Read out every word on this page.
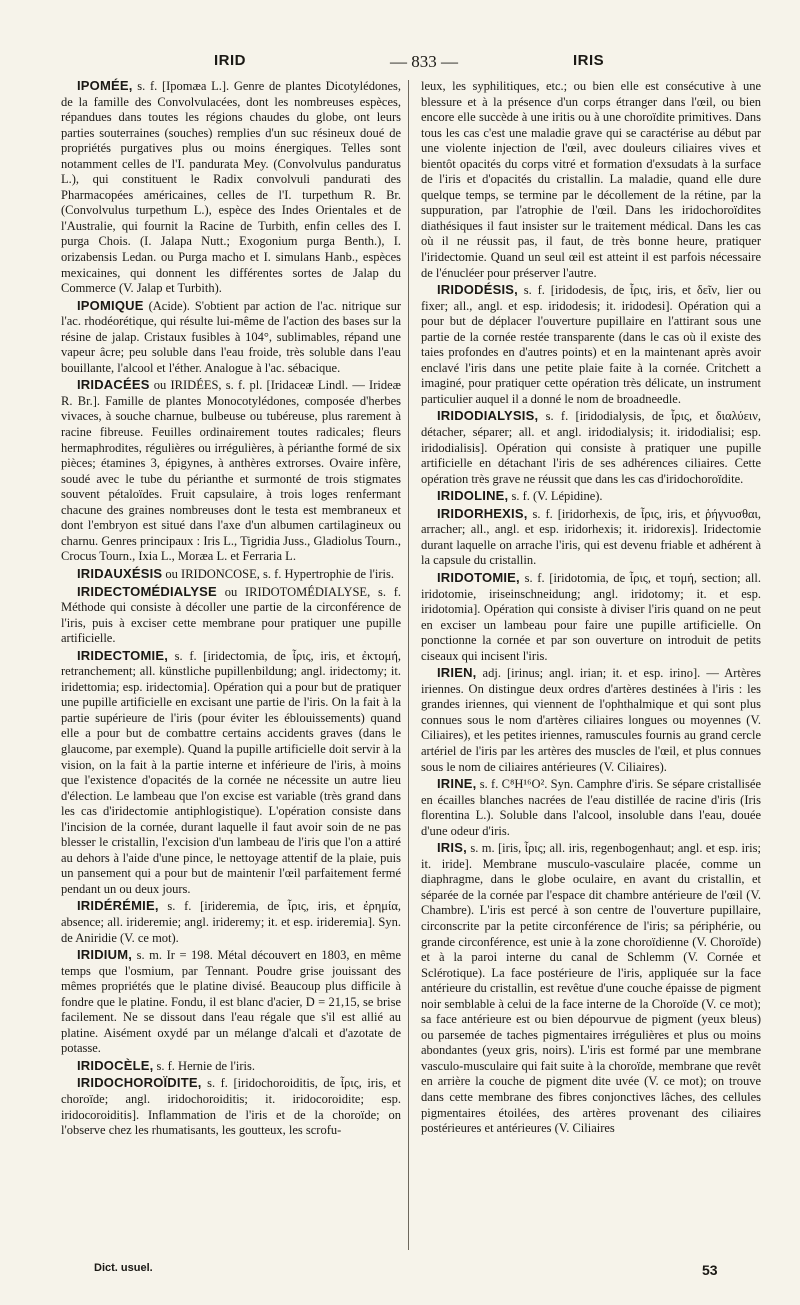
IRID	— 833 —	IRIS

IPOMÉE, s. f. [Ipomæa L.]. Genre de plantes Dicotylédones, de la famille des Convolvulacées, dont les nombreuses espèces, répandues dans toutes les régions chaudes du globe, ont leurs parties souterraines (souches) remplies d'un suc résineux doué de propriétés purgatives plus ou moins énergiques. Telles sont notamment celles de l'I. pandurata Mey. (Convolvulus panduratus L.), qui constituent le Radix convolvuli pandurati des Pharmacopées américaines, celles de l'I. turpethum R. Br. (Convolvulus turpethum L.), espèce des Indes Orientales et de l'Australie, qui fournit la Racine de Turbith, enfin celles des I. purga Chois. (I. Jalapa Nutt.; Exogonium purga Benth.), I. orizabensis Ledan. ou Purga macho et I. simulans Hanb., espèces mexicaines, qui donnent les différentes sortes de Jalap du Commerce (V. Jalap et Turbith).

IPOMIQUE (Acide). S'obtient par action de l'ac. nitrique sur l'ac. rhodéorétique, qui résulte lui-même de l'action des bases sur la résine de jalap. Cristaux fusibles à 104°, sublimables, répand une vapeur âcre; peu soluble dans l'eau froide, très soluble dans l'eau bouillante, l'alcool et l'éther. Analogue à l'ac. sébacique.

IRIDACÉES ou IRIDÉES, s. f. pl. [Iridaceæ Lindl. — Irideæ R. Br.]. Famille de plantes Monocotylédones, composée d'herbes vivaces, à souche charnue, bulbeuse ou tubéreuse, plus rarement à racine fibreuse. Feuilles ordinairement toutes radicales; fleurs hermaphrodites, régulières ou irrégulières, à périanthe formé de six pièces; étamines 3, épigynes, à anthères extrorses. Ovaire infère, soudé avec le tube du périanthe et surmonté de trois stigmates souvent pétaloïdes. Fruit capsulaire, à trois loges renfermant chacune des graines nombreuses dont le testa est membraneux et dont l'embryon est situé dans l'axe d'un albumen cartilagineux ou charnu. Genres principaux : Iris L., Tigridia Juss., Gladiolus Tourn., Crocus Tourn., Ixia L., Moræa L. et Ferraria L.

IRIDAUXÉSIS ou IRIDONCOSE, s. f. Hypertrophie de l'iris.

IRIDECTOMÉDIALYSE ou IRIDOTOMÉDIALYSE, s. f. Méthode qui consiste à décoller une partie de la circonférence de l'iris, puis à exciser cette membrane pour pratiquer une pupille artificielle.

IRIDECTOMIE, s. f. [iridectomia, de ἶρις, iris, et ἐκτομή, retranchement; all. künstliche pupillenbildung; angl. iridectomy; it. iridettomia; esp. iridectomia]. Opération qui a pour but de pratiquer une pupille artificielle en excisant une partie de l'iris. On la fait à la partie supérieure de l'iris (pour éviter les éblouissements) quand elle a pour but de combattre certains accidents graves (dans le glaucome, par exemple). Quand la pupille artificielle doit servir à la vision, on la fait à la partie interne et inférieure de l'iris, à moins que l'existence d'opacités de la cornée ne nécessite un autre lieu d'élection. Le lambeau que l'on excise est variable (très grand dans les cas d'iridectomie antiphlogistique). L'opération consiste dans l'incision de la cornée, durant laquelle il faut avoir soin de ne pas blesser le cristallin, l'excision d'un lambeau de l'iris que l'on a attiré au dehors à l'aide d'une pince, le nettoyage attentif de la plaie, puis un pansement qui a pour but de maintenir l'œil parfaitement fermé pendant un ou deux jours.

IRIDÉRÉMIE, s. f. [irideremia, de ἶρις, iris, et ἐρημία, absence; all. irideremie; angl. irideremy; it. et esp. irideremia]. Syn. de Aniridie (V. ce mot).

IRIDIUM, s. m. Ir = 198. Métal découvert en 1803, en même temps que l'osmium, par Tennant. Poudre grise jouissant des mêmes propriétés que le platine divisé. Beaucoup plus difficile à fondre que le platine. Fondu, il est blanc d'acier, D = 21,15, se brise facilement. Ne se dissout dans l'eau régale que s'il est allié au platine. Aisément oxydé par un mélange d'alcali et d'azotate de potasse.

IRIDOCÈLE, s. f. Hernie de l'iris.

IRIDOCHOROÏDITE, s. f. [iridochoroiditis, de ἶρις, iris, et choroïde; angl. iridochoroiditis; it. iridocoroidite; esp. iridocoroiditis]. Inflammation de l'iris et de la choroïde; on l'observe chez les rhumatisants, les goutteux, les scrofu-

leux, les syphilitiques, etc.; ou bien elle est consécutive à une blessure et à la présence d'un corps étranger dans l'œil, ou bien encore elle succède à une iritis ou à une choroïdite primitives. Dans tous les cas c'est une maladie grave qui se caractérise au début par une violente injection de l'œil, avec douleurs ciliaires vives et bientôt opacités du corps vitré et formation d'exsudats à la surface de l'iris et d'opacités du cristallin. La maladie, quand elle dure quelque temps, se termine par le décollement de la rétine, par la suppuration, par l'atrophie de l'œil. Dans les iridochoroïdites diathésiques il faut insister sur le traitement médical. Dans les cas où il ne réussit pas, il faut, de très bonne heure, pratiquer l'iridectomie. Quand un seul œil est atteint il est parfois nécessaire de l'énucléer pour préserver l'autre.

IRIDODÉSIS, s. f. [iridodesis, de ἶρις, iris, et δεῖν, lier ou fixer; all., angl. et esp. iridodesis; it. iridodesi]. Opération qui a pour but de déplacer l'ouverture pupillaire en l'attirant sous une partie de la cornée restée transparente (dans le cas où il existe des taies profondes en d'autres points) et en la maintenant après avoir enclavé l'iris dans une petite plaie faite à la cornée. Critchett a imaginé, pour pratiquer cette opération très délicate, un instrument particulier auquel il a donné le nom de broadneedle.

IRIDODIALYSIS, s. f. [iridodialysis, de ἶρις, et διαλύειν, détacher, séparer; all. et angl. iridodialysis; it. iridodialisi; esp. iridodialisis]. Opération qui consiste à pratiquer une pupille artificielle en détachant l'iris de ses adhérences ciliaires. Cette opération très grave ne réussit que dans les cas d'iridochoroïdite.

IRIDOLINE, s. f. (V. Lépidine).

IRIDORHEXIS, s. f. [iridorhexis, de ἶρις, iris, et ῥήγνυσθαι, arracher; all., angl. et esp. iridorhexis; it. iridorexis]. Iridectomie durant laquelle on arrache l'iris, qui est devenu friable et adhérent à la capsule du cristallin.

IRIDOTOMIE, s. f. [iridotomia, de ἶρις, et τομή, section; all. iridotomie, iriseinschneidung; angl. iridotomy; it. et esp. iridotomia]. Opération qui consiste à diviser l'iris quand on ne peut en exciser un lambeau pour faire une pupille artificielle. On ponctionne la cornée et par son ouverture on introduit de petits ciseaux qui incisent l'iris.

IRIEN, adj. [irinus; angl. irian; it. et esp. irino]. — Artères iriennes. On distingue deux ordres d'artères destinées à l'iris : les grandes iriennes, qui viennent de l'ophthalmique et qui sont plus connues sous le nom d'artères ciliaires longues ou moyennes (V. Ciliaires), et les petites iriennes, ramuscules fournis au grand cercle artériel de l'iris par les artères des muscles de l'œil, et plus connues sous le nom de ciliaires antérieures (V. Ciliaires).

IRINE, s. f. C⁸H¹⁶O². Syn. Camphre d'iris. Se sépare cristallisée en écailles blanches nacrées de l'eau distillée de racine d'iris (Iris florentina L.). Soluble dans l'alcool, insoluble dans l'eau, douée d'une odeur d'iris.

IRIS, s. m. [iris, ἶρις; all. iris, regenbogenhaut; angl. et esp. iris; it. iride]. Membrane musculo-vasculaire placée, comme un diaphragme, dans le globe oculaire, en avant du cristallin, et séparée de la cornée par l'espace dit chambre antérieure de l'œil (V. Chambre). L'iris est percé à son centre de l'ouverture pupillaire, circonscrite par la petite circonférence de l'iris; sa périphérie, ou grande circonférence, est unie à la zone choroïdienne (V. Choroïde) et à la paroi interne du canal de Schlemm (V. Cornée et Sclérotique). La face postérieure de l'iris, appliquée sur la face antérieure du cristallin, est revêtue d'une couche épaisse de pigment noir semblable à celui de la face interne de la Choroïde (V. ce mot); sa face antérieure est ou bien dépourvue de pigment (yeux bleus) ou parsemée de taches pigmentaires irrégulières et plus ou moins abondantes (yeux gris, noirs). L'iris est formé par une membrane vasculo-musculaire qui fait suite à la choroïde, membrane que revêt en arrière la couche de pigment dite uvée (V. ce mot); on trouve dans cette membrane des fibres conjonctives lâches, des cellules pigmentaires étoilées, des artères provenant des ciliaires postérieures et antérieures (V. Ciliaires

Dict. usuel.	53
